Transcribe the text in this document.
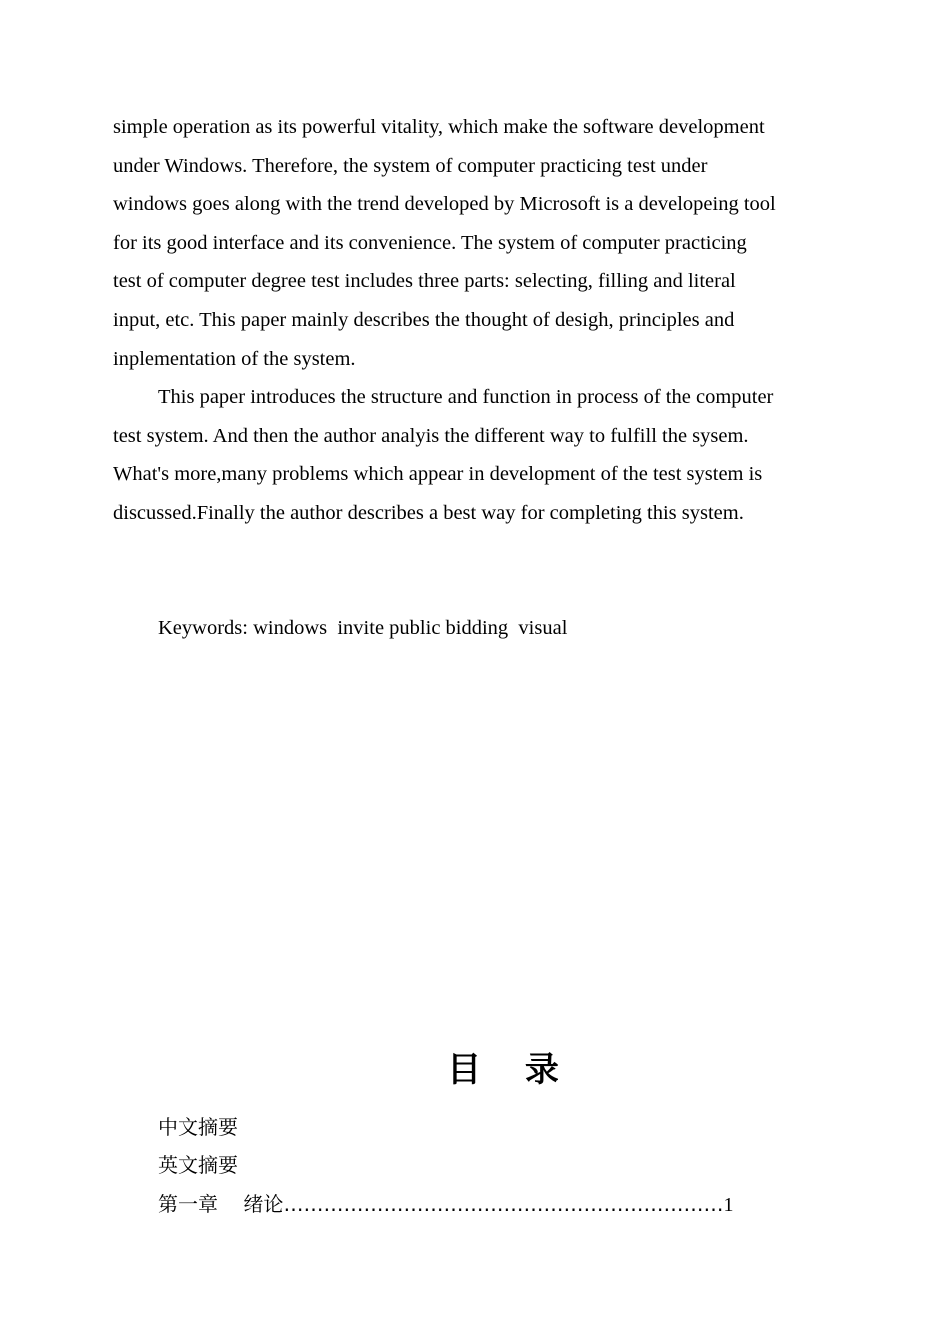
simple operation as its powerful vitality, which make the software development
under Windows. Therefore, the system of computer practicing test under
windows goes along with the trend developed by Microsoft is a developeing tool
for its good interface and its convenience. The system of computer practicing
test of computer degree test includes three parts: selecting, filling and literal
input, etc. This paper mainly describes the thought of desigh, principles and
inplementation of the system.
This paper introduces the structure and function in process of the computer
test system. And then the author analyis the different way to fulfill the sysem.
What's more,many problems which appear in development of the test system is
discussed.Finally the author describes a best way for completing this system.
Keywords: windows  invite public bidding  visual
目 录
中文摘要
英文摘要
第一章    绪论…………………………………………………………1
